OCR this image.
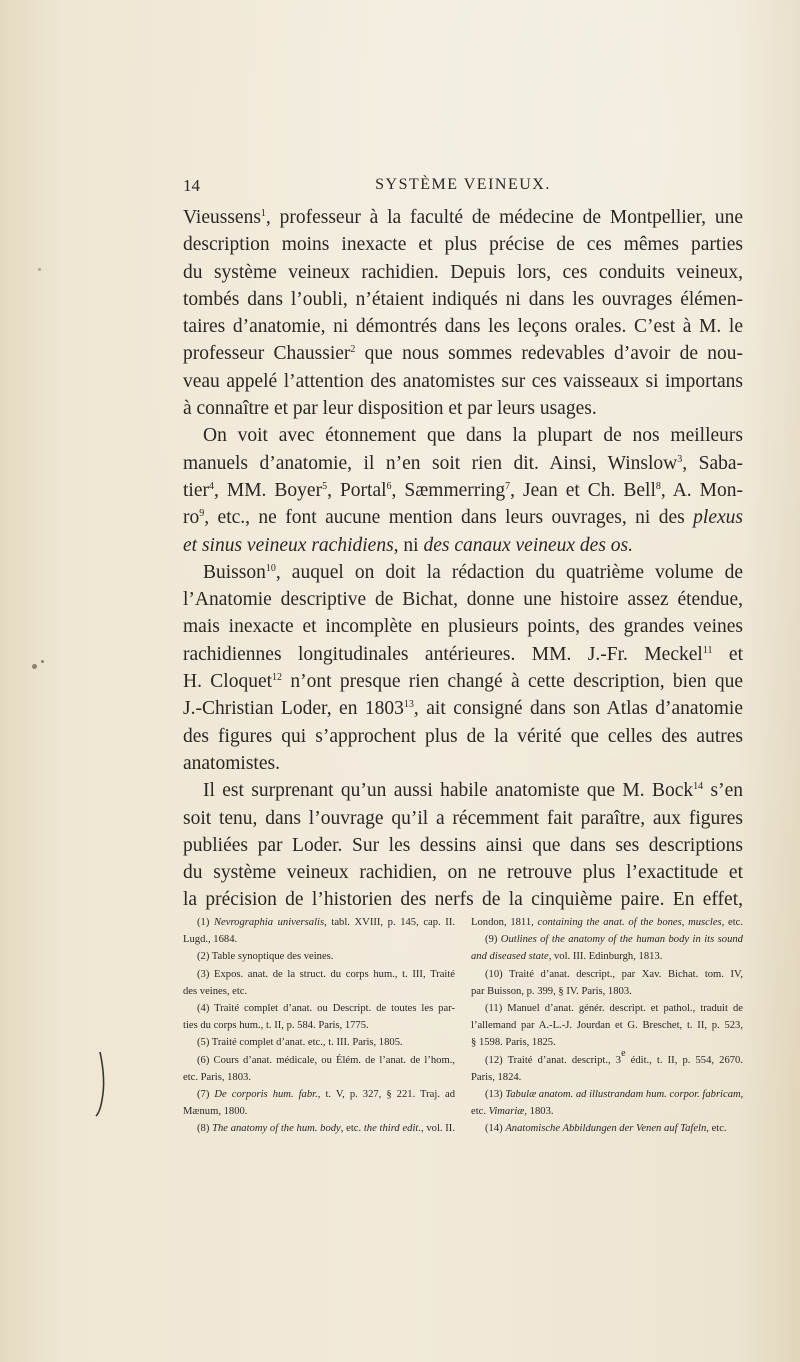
14	SYSTÈME VEINEUX.
Vieussens$^1$, professeur à la faculté de médecine de Montpellier, une
description moins inexacte et plus précise de ces mêmes parties
du système veineux rachidien. Depuis lors, ces conduits veineux,
tombés dans l’oubli, n’étaient indiqués ni dans les ouvrages élémen-
taires d’anatomie, ni démontrés dans les leçons orales. C’est à M. le
professeur Chaussier$^2$ que nous sommes redevables d’avoir de nou-
veau appelé l’attention des anatomistes sur ces vaisseaux si importans
à connaître et par leur disposition et par leurs usages.
On voit avec étonnement que dans la plupart de nos meilleurs
manuels d’anatomie, il n’en soit rien dit. Ainsi, Winslow$^3$, Saba-
tier$^4$, MM. Boyer$^5$, Portal$^6$, Sæmmerring$^7$, Jean et Ch. Bell$^8$, A. Mon-
$ro^9$, etc., ne font aucune mention dans leurs ouvrages, ni des plexus
et sinus veineux rachidiens, ni des canaux veineux des os.
Buisson$^{10}$, auquel on doit la rédaction du quatrième volume de
l’Anatomie descriptive de Bichat, donne une histoire assez étendue,
mais inexacte et incomplète en plusieurs points, des grandes veines
rachidiennes longitudinales antérieures. MM. J.-Fr. Meckel$^{11}$ et
H. Cloquet$^{12}$ n’ont presque rien changé à cette description, bien que
J.-Christian Loder, en 1803$^{13}$, ait consigné dans son Atlas d’anatomie
des figures qui s’approchent plus de la vérité que celles des autres
anatomistes.
Il est surprenant qu’un aussi habile anatomiste que M. Bock$^{14}$ s’en
soit tenu, dans l’ouvrage qu’il a récemment fait paraître, aux figures
publiées par Loder. Sur les dessins ainsi que dans ses descriptions
du système veineux rachidien, on ne retrouve plus l’exactitude et
la précision de l’historien des nerfs de la cinquième paire. En effet,
(1) Nevrographia universalis, tabl. XVIII, p. 145, cap. II.
Lugd., 1684.
(2) Table synoptique des veines.
(3) Expos. anat. de la struct. du corps hum., t. III, Traité
des veines, etc.
(4) Traité complet d’anat. ou Descript. de toutes les par-
ties du corps hum., t. II, p. 584. Paris, 1775.
(5) Traité complet d’anat. etc., t. III. Paris, 1805.
(6) Cours d’anat. médicale, ou Élém. de l’anat. de l’hom.,
etc. Paris, 1803.
(7) De corporis hum. fabr., t. V, p. 327, § 221. Traj. ad
Mænum, 1800.
(8) The anatomy of the hum. body, etc. the third edit., vol. II.
London, 1811, containing the anat. of the bones, muscles, etc.
(9) Outlines of the anatomy of the human body in its sound
and diseased state, vol. III. Edinburgh, 1813.
(10) Traité d’anat. descript., par Xav. Bichat. tom. IV,
par Buisson, p. 399, § IV. Paris, 1803.
(11) Manuel d’anat. génér. descript. et pathol., traduit de
l’allemand par A.-L.-J. Jourdan et G. Breschet, t. II, p. 523,
§ 1598. Paris, 1825.
(12) Traité d’anat. descript., 3e édit., t. II, p. 554, 2670.
Paris, 1824.
(13) Tabulæ anatom. ad illustrandam hum. corpor. fabricam,
etc. Vimariæ, 1803.
(14) Anatomische Abbildungen der Venen auf Tafeln, etc.
